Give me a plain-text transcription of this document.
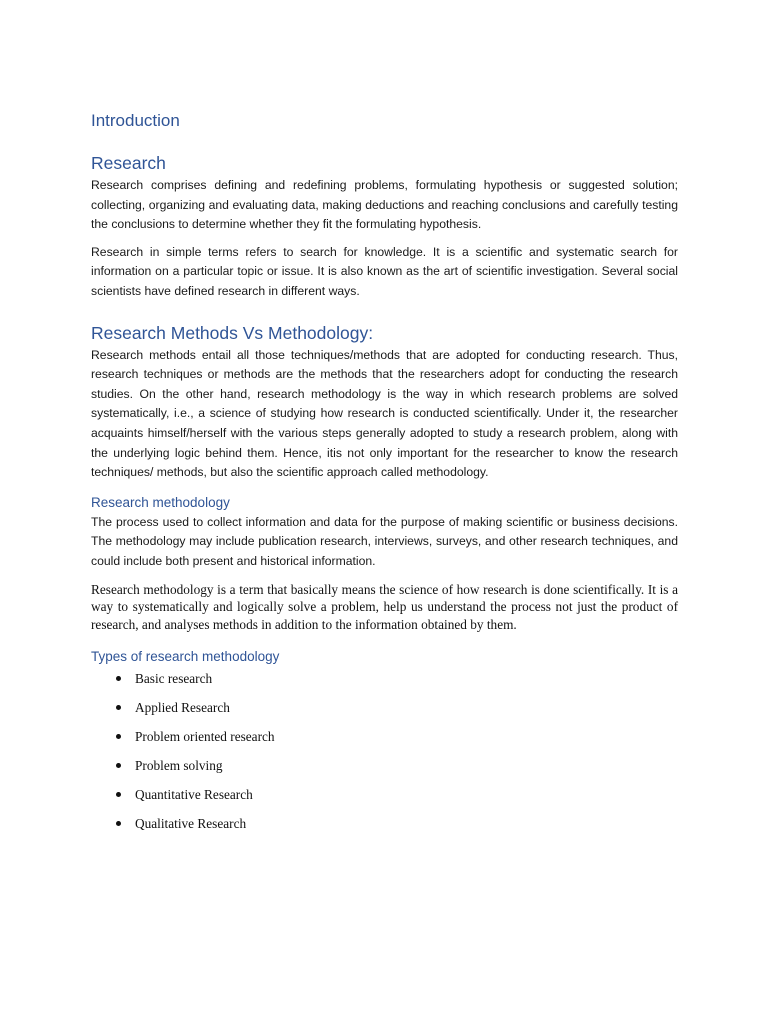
Introduction
Research

Research comprises defining and redefining problems, formulating hypothesis or suggested solution; collecting, organizing and evaluating data, making deductions and reaching conclusions and carefully testing the conclusions to determine whether they fit the formulating hypothesis.

Research in simple terms refers to search for knowledge. It is a scientific and systematic search for information on a particular topic or issue. It is also known as the art of scientific investigation. Several social scientists have defined research in different ways.

Research Methods Vs Methodology:

Research methods entail all those techniques/methods that are adopted for conducting research. Thus, research techniques or methods are the methods that the researchers adopt for conducting the research studies. On the other hand, research methodology is the way in which research problems are solved systematically, i.e., a science of studying how research is conducted scientifically. Under it, the researcher acquaints himself/herself with the various steps generally adopted to study a research problem, along with the underlying logic behind them. Hence, itis not only important for the researcher to know the research techniques/ methods, but also the scientific approach called methodology.

Research methodology

The process used to collect information and data for the purpose of making scientific or business decisions. The methodology may include publication research, interviews, surveys, and other research techniques, and could include both present and historical information.

Research methodology is a term that basically means the science of how research is done scientifically. It is a way to systematically and logically solve a problem, help us understand the process not just the product of research, and analyses methods in addition to the information obtained by them.

Types of research methodology
Basic research
Applied Research
Problem oriented research
Problem solving
Quantitative Research
Qualitative Research
